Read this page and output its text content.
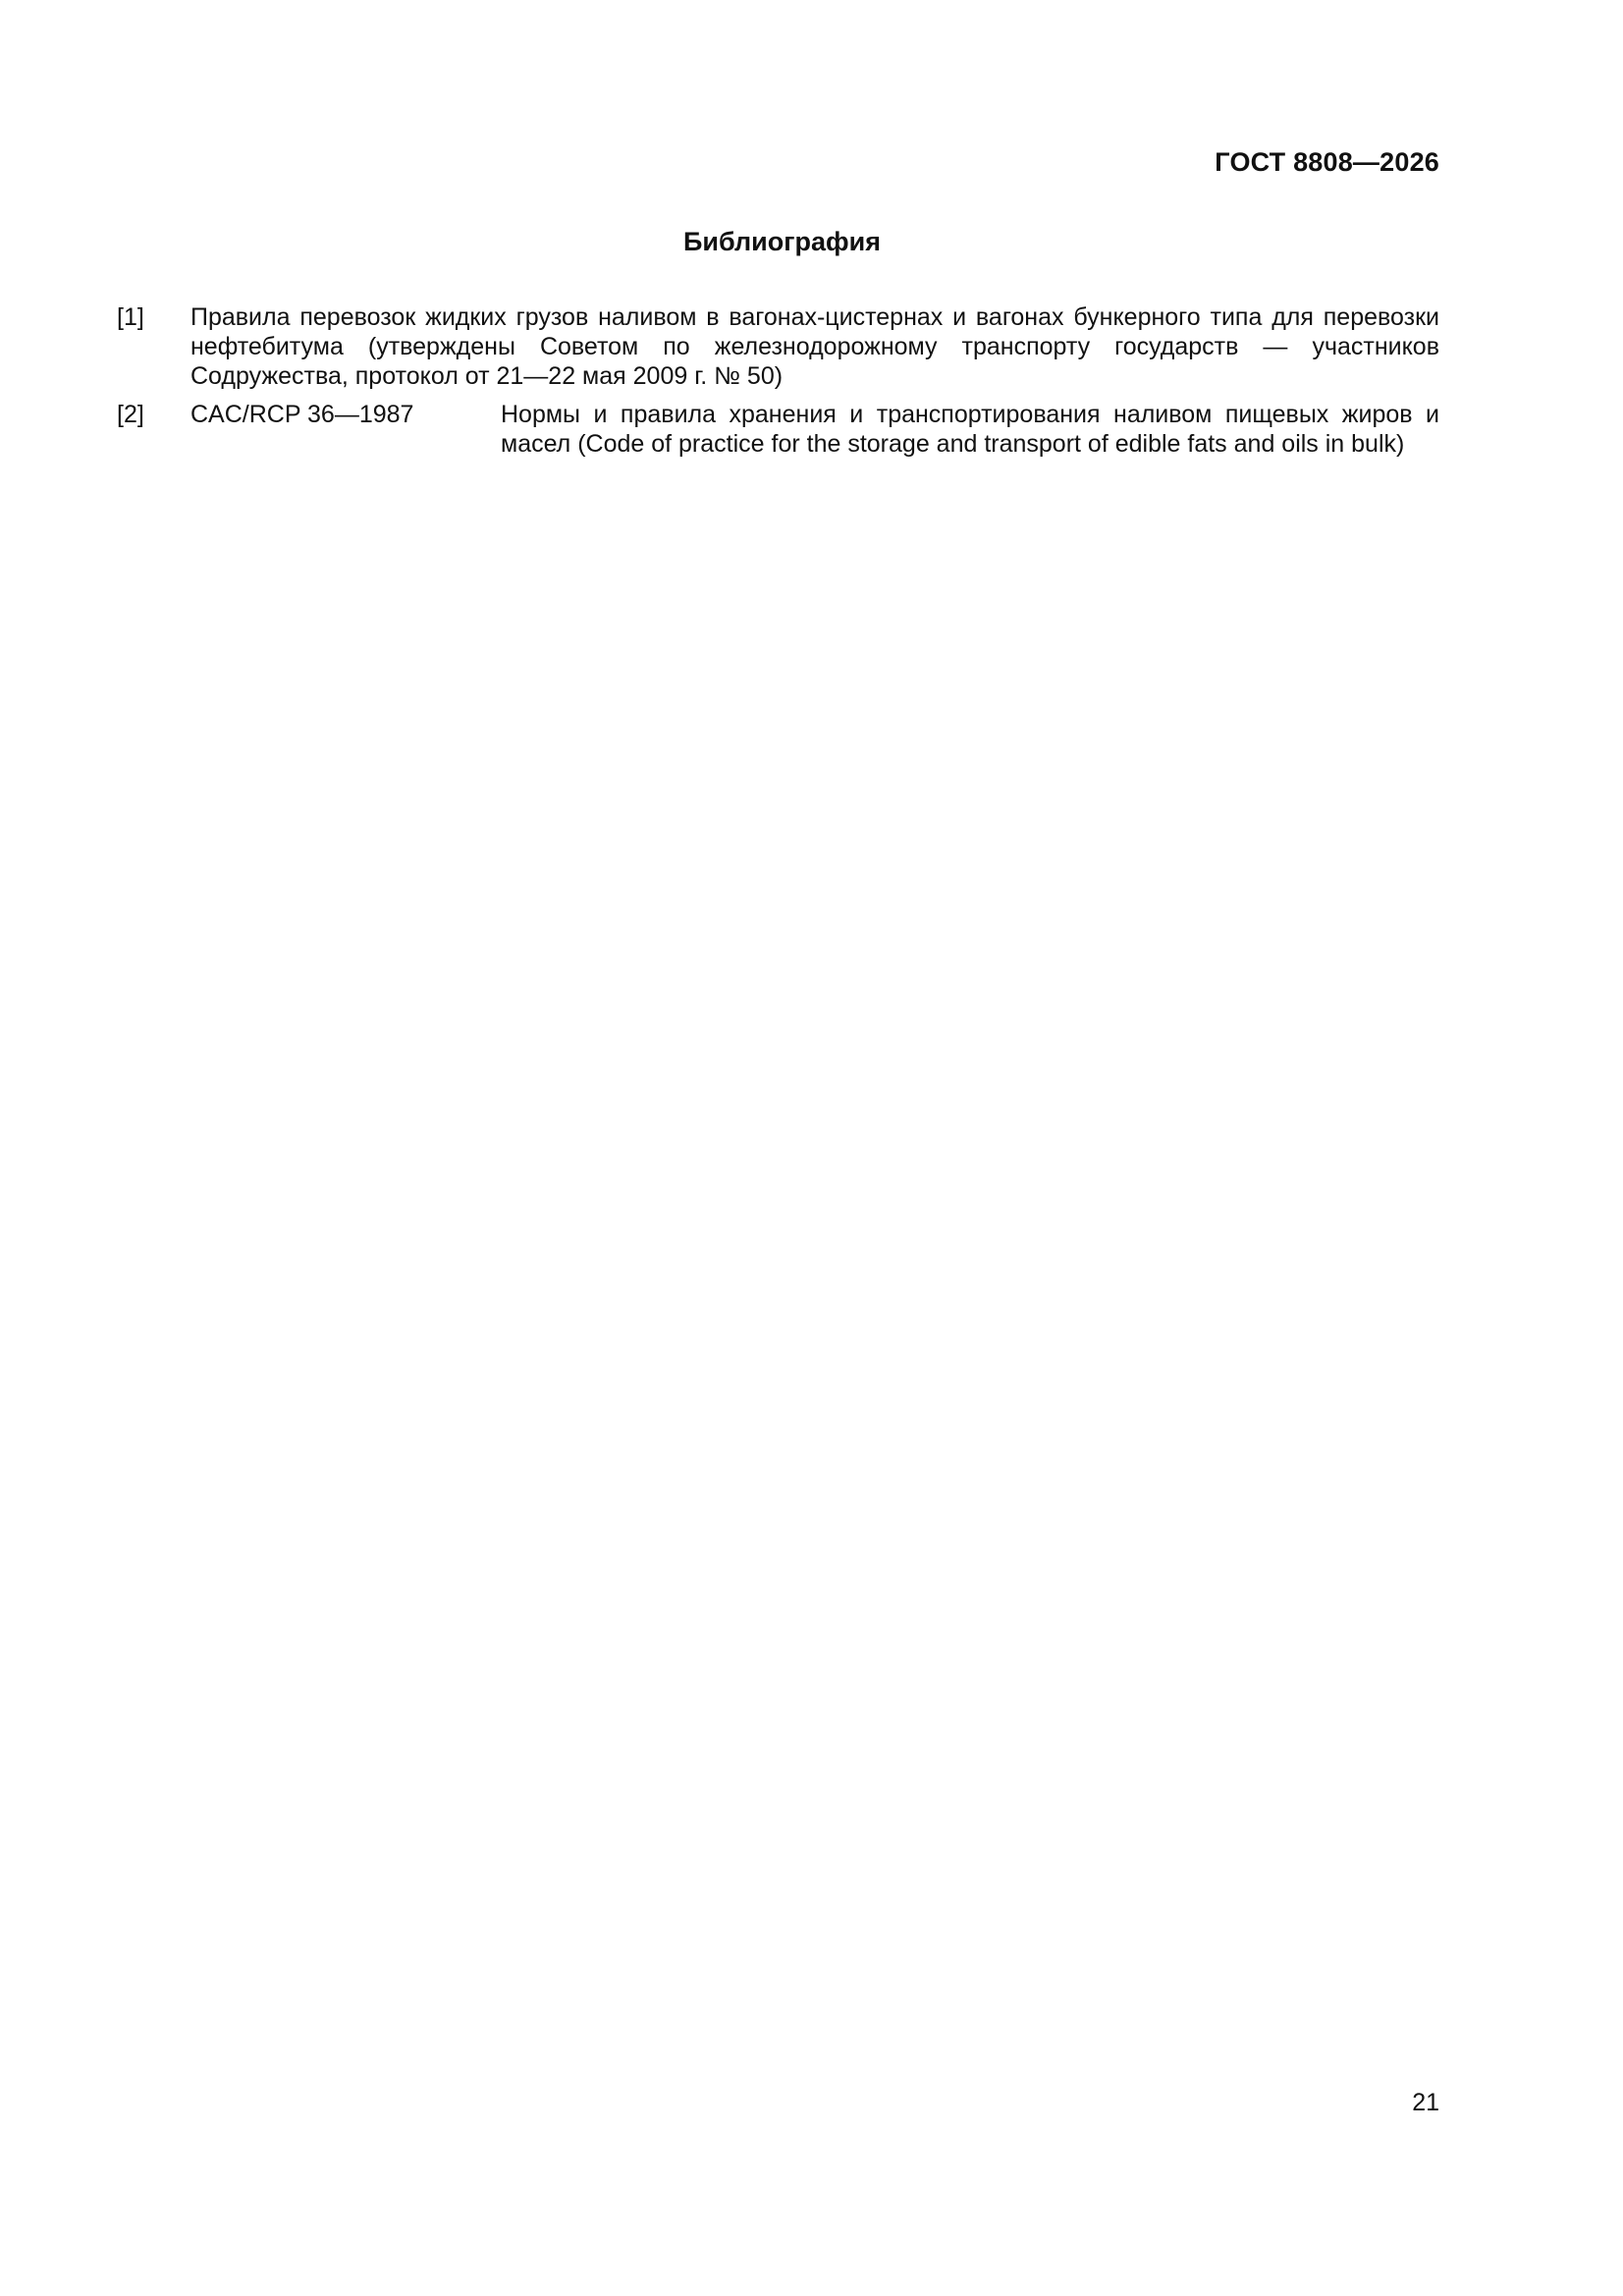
ГОСТ 8808—2026
Библиография
[1] Правила перевозок жидких грузов наливом в вагонах-цистернах и вагонах бункерного типа для перевозки нефтебитума (утверждены Советом по железнодорожному транспорту государств — участников Содружества, протокол от 21—22 мая 2009 г. № 50)
[2] CAC/RCP 36—1987	Нормы и правила хранения и транспортирования наливом пищевых жиров и масел (Code of practice for the storage and transport of edible fats and oils in bulk)
21
